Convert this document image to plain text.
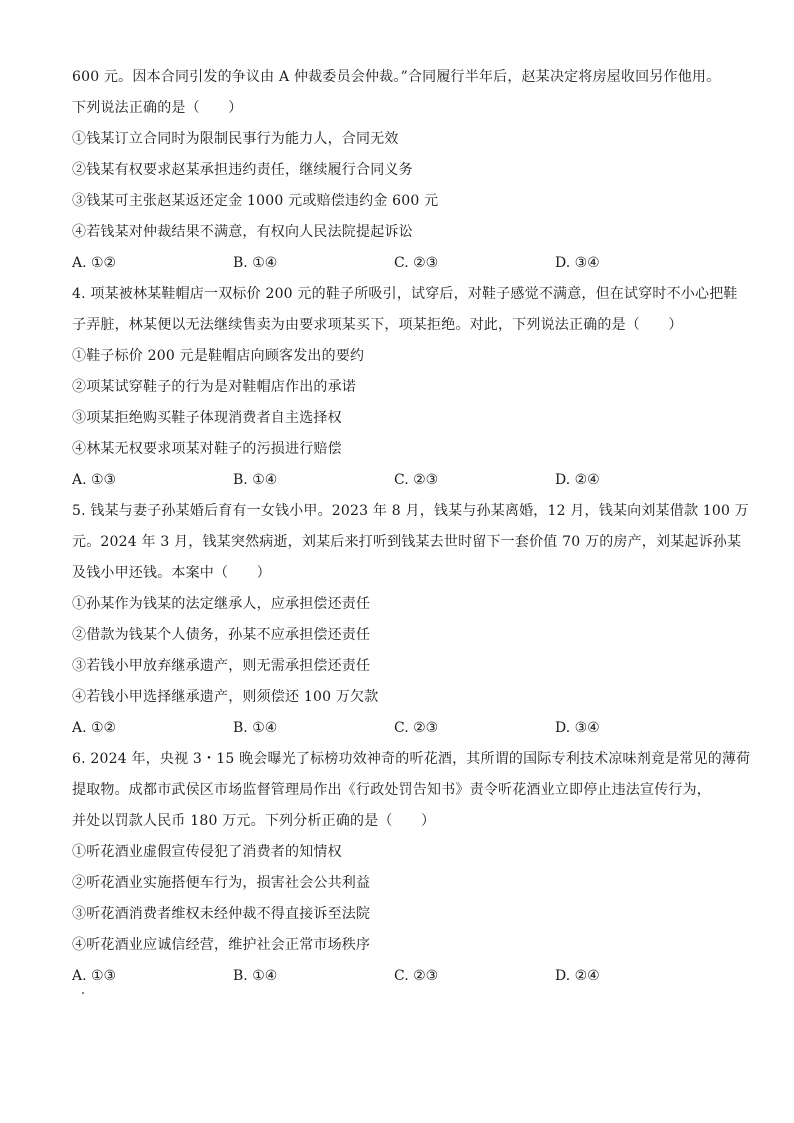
600 元。因本合同引发的争议由 A 仲裁委员会仲裁。”合同履行半年后，赵某决定将房屋收回另作他用。
下列说法正确的是（　　）
①钱某订立合同时为限制民事行为能力人，合同无效
②钱某有权要求赵某承担违约责任，继续履行合同义务
③钱某可主张赵某返还定金 1000 元或赔偿违约金 600 元
④若钱某对仲裁结果不满意，有权向人民法院提起诉讼
A. ①②	B. ①④	C. ②③	D. ③④
4. 项某被林某鞋帽店一双标价 200 元的鞋子所吸引，试穿后，对鞋子感觉不满意，但在试穿时不小心把鞋
子弄脏，林某便以无法继续售卖为由要求项某买下，项某拒绝。对此，下列说法正确的是（　　）
①鞋子标价 200 元是鞋帽店向顾客发出的要约
②项某试穿鞋子的行为是对鞋帽店作出的承诺
③项某拒绝购买鞋子体现消费者自主选择权
④林某无权要求项某对鞋子的污损进行赔偿
A. ①③	B. ①④	C. ②③	D. ②④
5. 钱某与妻子孙某婚后育有一女钱小甲。2023 年 8 月，钱某与孙某离婚，12 月，钱某向刘某借款 100 万
元。2024 年 3 月，钱某突然病逝，刘某后来打听到钱某去世时留下一套价值 70 万的房产，刘某起诉孙某
及钱小甲还钱。本案中（　　）
①孙某作为钱某的法定继承人，应承担偿还责任
②借款为钱某个人债务，孙某不应承担偿还责任
③若钱小甲放弃继承遗产，则无需承担偿还责任
④若钱小甲选择继承遗产，则须偿还 100 万欠款
A. ①②	B. ①④	C. ②③	D. ③④
6. 2024 年，央视 3・15 晚会曝光了标榜功效神奇的听花酒，其所谓的国际专利技术凉味剂竟是常见的薄荷
提取物。成都市武侯区市场监督管理局作出《行政处罚告知书》责令听花酒业立即停止违法宣传行为，
并处以罚款人民币 180 万元。下列分析正确的是（　　）
①听花酒业虚假宣传侵犯了消费者的知情权
②听花酒业实施搭便车行为，损害社会公共利益
③听花酒消费者维权未经仲裁不得直接诉至法院
④听花酒业应诚信经营，维护社会正常市场秩序
A. ①③	B. ①④	C. ②③	D. ②④
